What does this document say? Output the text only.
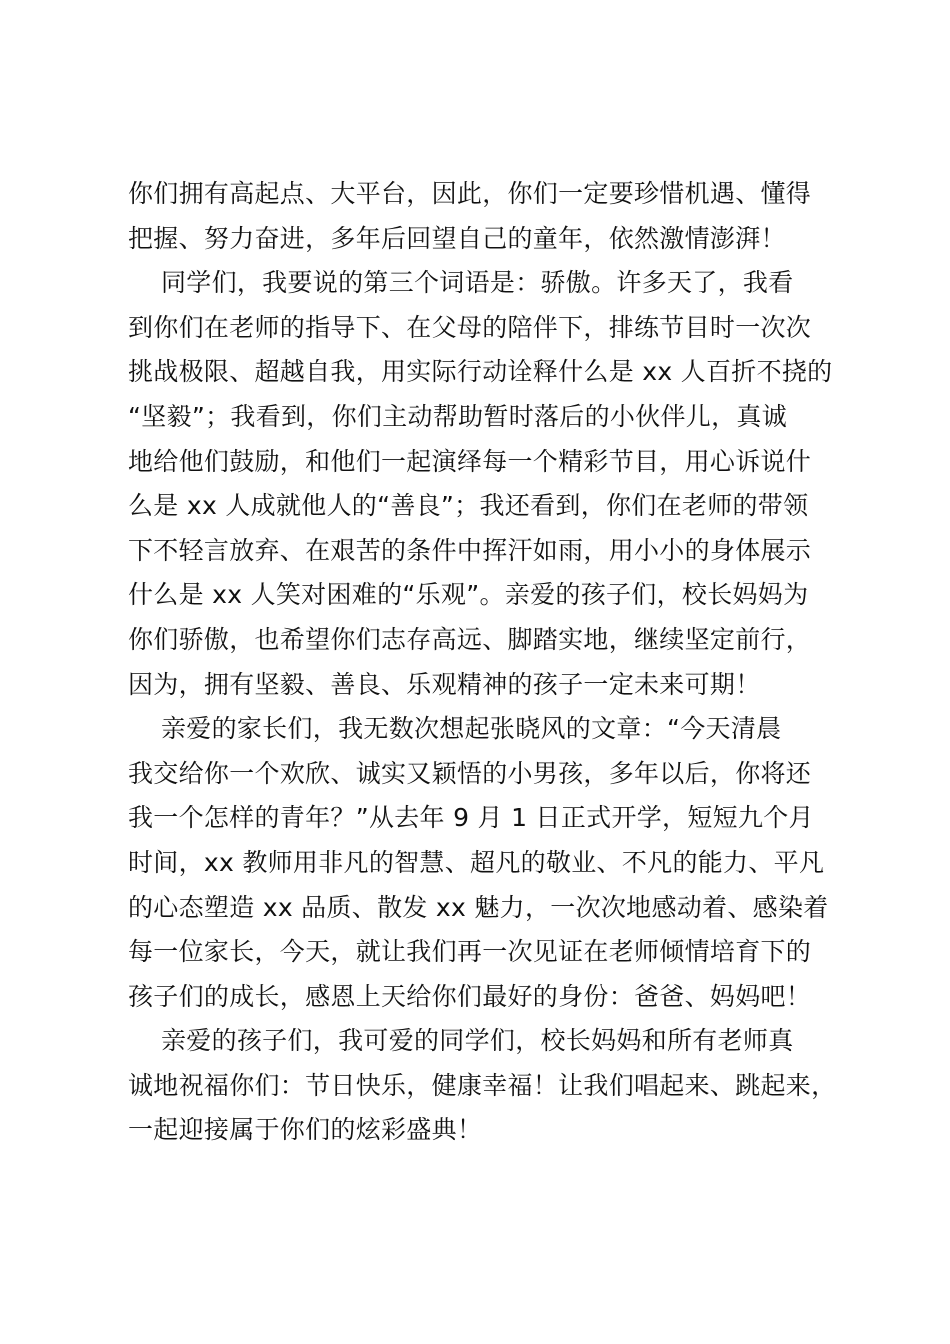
你们拥有高起点、大平台，因此，你们一定要珍惜机遇、懂得
把握、努力奋进，多年后回望自己的童年，依然激情澎湃！
同学们，我要说的第三个词语是：骄傲。许多天了，我看
到你们在老师的指导下、在父母的陪伴下，排练节目时一次次
挑战极限、超越自我，用实际行动诠释什么是 xx 人百折不挠的
“坚毅”；我看到，你们主动帮助暂时落后的小伙伴儿，真诚
地给他们鼓励，和他们一起演绎每一个精彩节目，用心诉说什
么是 xx 人成就他人的“善良”；我还看到，你们在老师的带领
下不轻言放弃、在艰苦的条件中挥汗如雨，用小小的身体展示
什么是 xx 人笑对困难的“乐观”。亲爱的孩子们，校长妈妈为
你们骄傲，也希望你们志存高远、脚踏实地，继续坚定前行，
因为，拥有坚毅、善良、乐观精神的孩子一定未来可期！
亲爱的家长们，我无数次想起张晓风的文章：“今天清晨
我交给你一个欢欣、诚实又颖悟的小男孩，多年以后，你将还
我一个怎样的青年？”从去年 9 月 1 日正式开学，短短九个月
时间，xx 教师用非凡的智慧、超凡的敬业、不凡的能力、平凡
的心态塑造 xx 品质、散发 xx 魅力，一次次地感动着、感染着
每一位家长，今天，就让我们再一次见证在老师倾情培育下的
孩子们的成长，感恩上天给你们最好的身份：爸爸、妈妈吧！
亲爱的孩子们，我可爱的同学们，校长妈妈和所有老师真
诚地祝福你们：节日快乐，健康幸福！让我们唱起来、跳起来，
一起迎接属于你们的炫彩盛典！
